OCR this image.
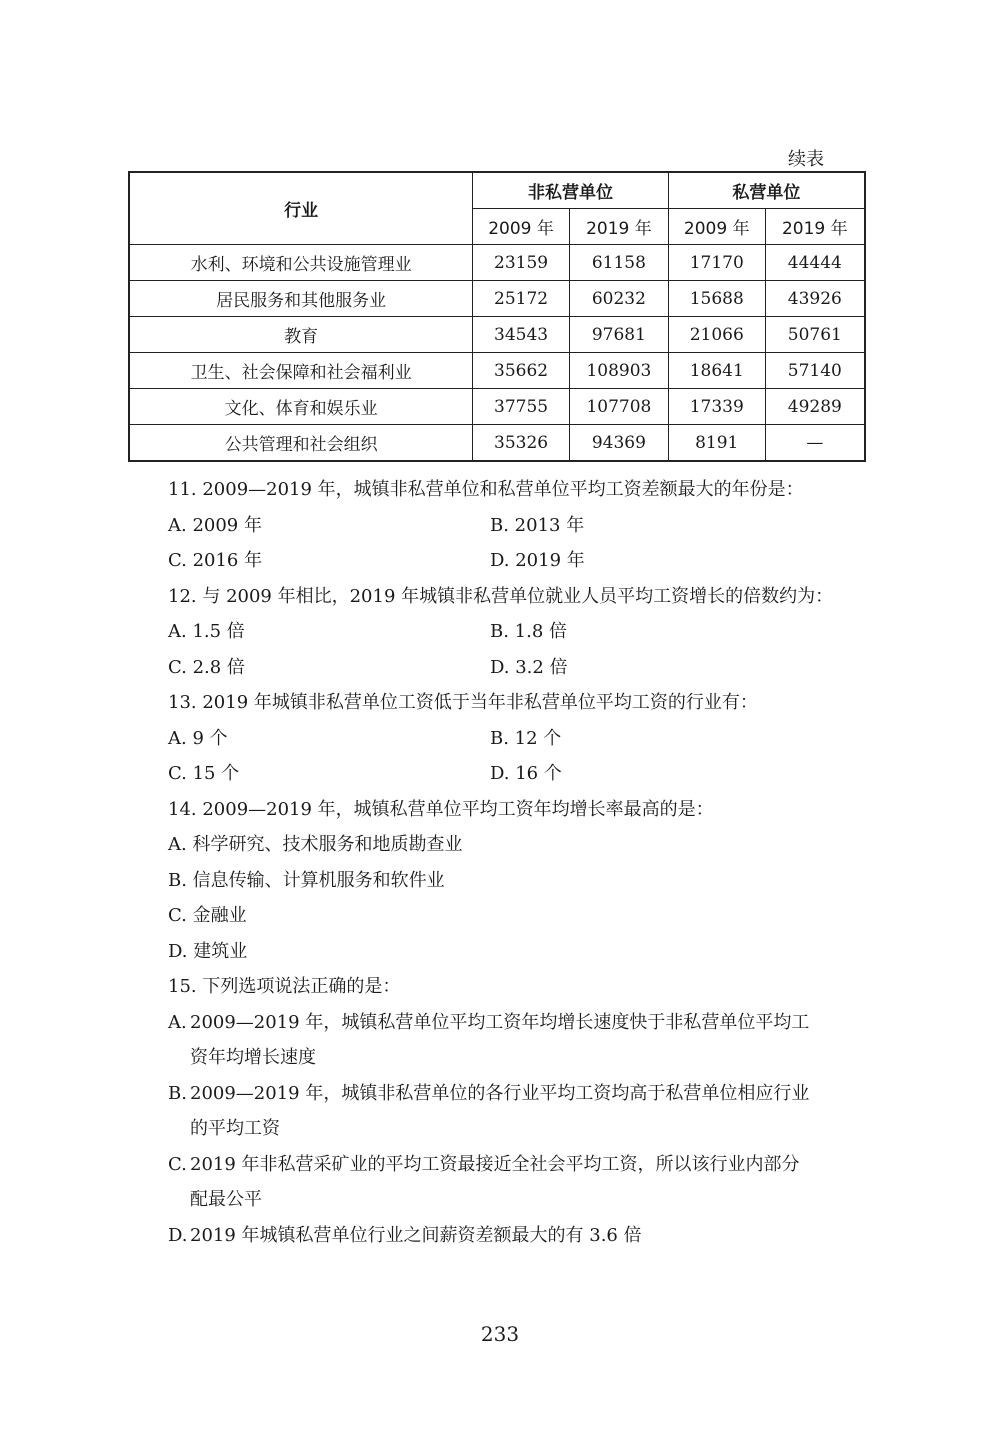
续表
行业	非私营单位		私营单位	
	2009 年	2019 年	2009 年	2019 年
水利、环境和公共设施管理业	23159	61158	17170	44444
居民服务和其他服务业	25172	60232	15688	43926
教育	34543	97681	21066	50761
卫生、社会保障和社会福利业	35662	108903	18641	57140
文化、体育和娱乐业	37755	107708	17339	49289
公共管理和社会组织	35326	94369	8191	—

11. 2009—2019 年，城镇非私营单位和私营单位平均工资差额最大的年份是：

A. 2009 年	B. 2013 年
C. 2016 年	D. 2019 年

12. 与 2009 年相比，2019 年城镇非私营单位就业人员平均工资增长的倍数约为：

A. 1.5 倍	B. 1.8 倍
C. 2.8 倍	D. 3.2 倍

13. 2019 年城镇非私营单位工资低于当年非私营单位平均工资的行业有：

A. 9 个	B. 12 个
C. 15 个	D. 16 个

14. 2009—2019 年，城镇私营单位平均工资年均增长率最高的是：

A. 科学研究、技术服务和地质勘查业

B. 信息传输、计算机服务和软件业

C. 金融业

D. 建筑业

15. 下列选项说法正确的是：

A. 2009—2019 年，城镇私营单位平均工资年均增长速度快于非私营单位平均工
资年均增长速度
B. 2009—2019 年，城镇非私营单位的各行业平均工资均高于私营单位相应行业
的平均工资
C. 2019 年非私营采矿业的平均工资最接近全社会平均工资，所以该行业内部分
配最公平
D. 2019 年城镇私营单位行业之间薪资差额最大的有 3.6 倍
233
